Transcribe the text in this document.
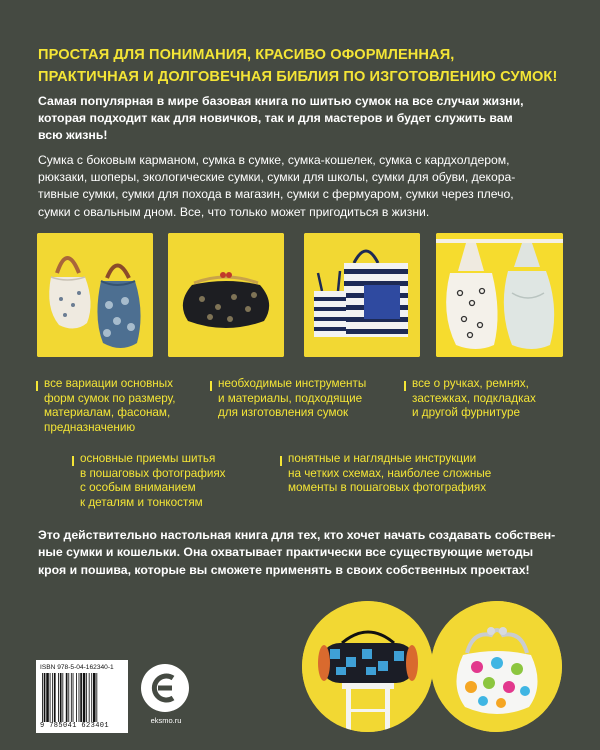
ПРОСТАЯ ДЛЯ ПОНИМАНИЯ, КРАСИВО ОФОРМЛЕННАЯ,
ПРАКТИЧНАЯ И ДОЛГОВЕЧНАЯ БИБЛИЯ ПО ИЗГОТОВЛЕНИЮ СУМОК!
Самая популярная в мире базовая книга по шитью сумок на все случаи жизни,
которая подходит как для новичков, так и для мастеров и будет служить вам
всю жизнь!
Сумка с боковым карманом, сумка в сумке, сумка-кошелек, сумка с кардхолдером,
рюкзаки, шоперы, экологические сумки, сумки для школы, сумки для обуви, декора-
тивные сумки, сумки для похода в магазин, сумки с фермуаром, сумки через плечо,
сумки с овальным дном. Все, что только может пригодиться в жизни.
все вариации основных
форм сумок по размеру,
материалам, фасонам,
предназначению
необходимые инструменты
и материалы, подходящие
для изготовления сумок
все о ручках, ремнях,
застежках, подкладках
и другой фурнитуре
основные приемы шитья
в пошаговых фотографиях
с особым вниманием
к деталям и тонкостям
понятные и наглядные инструкции
на четких схемах, наиболее сложные
моменты в пошаговых фотографиях
Это действительно настольная книга для тех, кто хочет начать создавать собствен-
ные сумки и кошельки. Она охватывает практически все существующие методы
кроя и пошива, которые вы сможете применять в своих собственных проектах!
ISBN 978-5-04-162340-1
9 785041 623401
eksmo.ru
